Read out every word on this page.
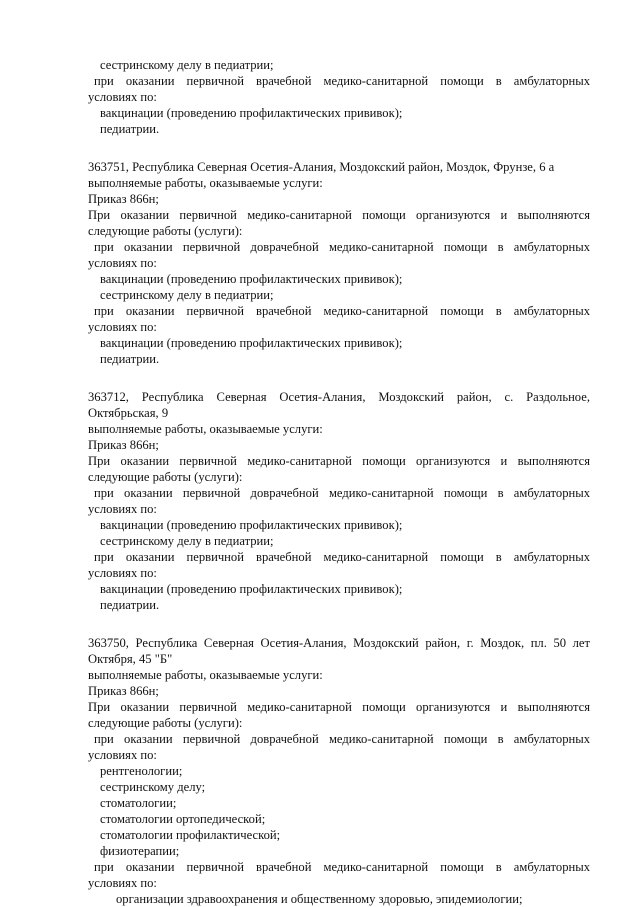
сестринскому делу в педиатрии;
при оказании первичной врачебной медико-санитарной помощи в амбулаторных
условиях по:
вакцинации (проведению профилактических прививок);
педиатрии.
363751, Республика Северная Осетия-Алания, Моздокский район, Моздок, Фрунзе, 6 а
выполняемые работы, оказываемые услуги:
Приказ 866н;
При оказании первичной медико-санитарной помощи организуются и выполняются
следующие работы (услуги):
при оказании первичной доврачебной медико-санитарной помощи в амбулаторных
условиях по:
вакцинации (проведению профилактических прививок);
сестринскому делу в педиатрии;
при оказании первичной врачебной медико-санитарной помощи в амбулаторных
условиях по:
вакцинации (проведению профилактических прививок);
педиатрии.
363712, Республика Северная Осетия-Алания, Моздокский район, с. Раздольное,
Октябрьская, 9
выполняемые работы, оказываемые услуги:
Приказ 866н;
При оказании первичной медико-санитарной помощи организуются и выполняются
следующие работы (услуги):
при оказании первичной доврачебной медико-санитарной помощи в амбулаторных
условиях по:
вакцинации (проведению профилактических прививок);
сестринскому делу в педиатрии;
при оказании первичной врачебной медико-санитарной помощи в амбулаторных
условиях по:
вакцинации (проведению профилактических прививок);
педиатрии.
363750, Республика Северная Осетия-Алания, Моздокский район, г. Моздок, пл. 50 лет
Октября, 45 "Б"
выполняемые работы, оказываемые услуги:
Приказ 866н;
При оказании первичной медико-санитарной помощи организуются и выполняются
следующие работы (услуги):
при оказании первичной доврачебной медико-санитарной помощи в амбулаторных
условиях по:
рентгенологии;
сестринскому делу;
стоматологии;
стоматологии ортопедической;
стоматологии профилактической;
физиотерапии;
при оказании первичной врачебной медико-санитарной помощи в амбулаторных
условиях по:
организации здравоохранения и общественному здоровью, эпидемиологии;
